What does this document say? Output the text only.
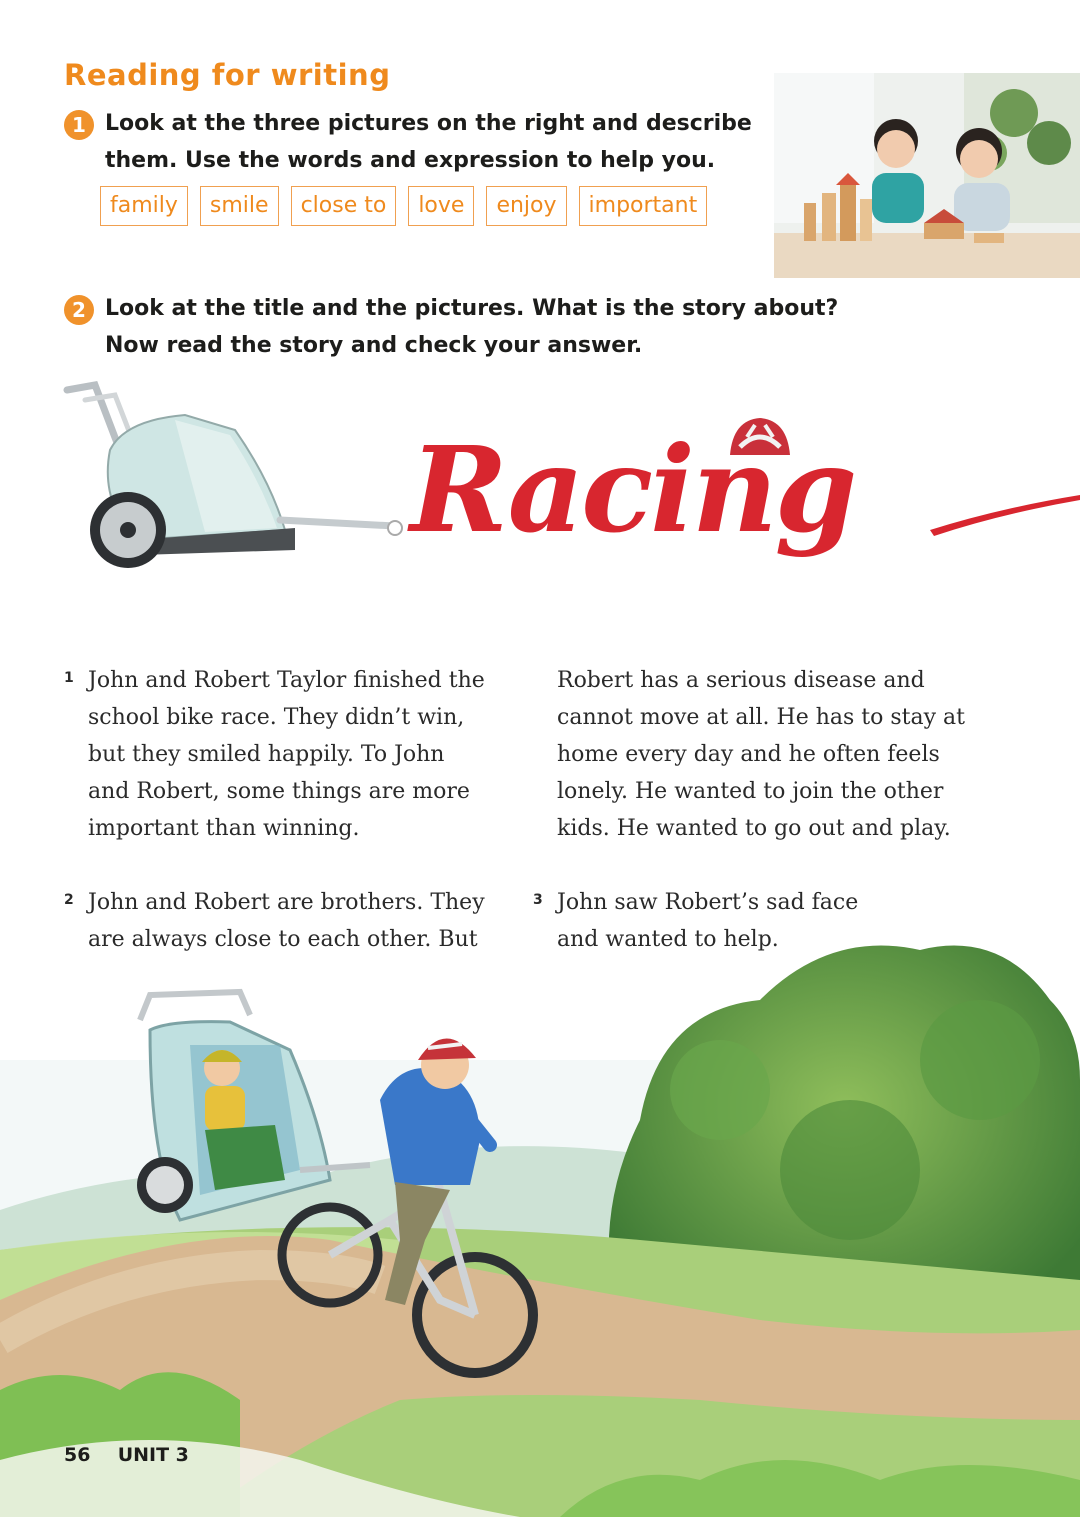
Reading for writing
1 Look at the three pictures on the right and describe
them. Use the words and expression to help you.
family	smile	close to	love	enjoy	important
2 Look at the title and the pictures. What is the story about?
Now read the story and check your answer.
Racing
1 John and Robert Taylor finished the
school bike race. They didn’t win,
but they smiled happily. To John
and Robert, some things are more
important than winning.
Robert has a serious disease and
cannot move at all. He has to stay at
home every day and he often feels
lonely. He wanted to join the other
kids. He wanted to go out and play.
2 John and Robert are brothers. They
are always close to each other. But
3 John saw Robert’s sad face
and wanted to help.
56 UNIT 3
